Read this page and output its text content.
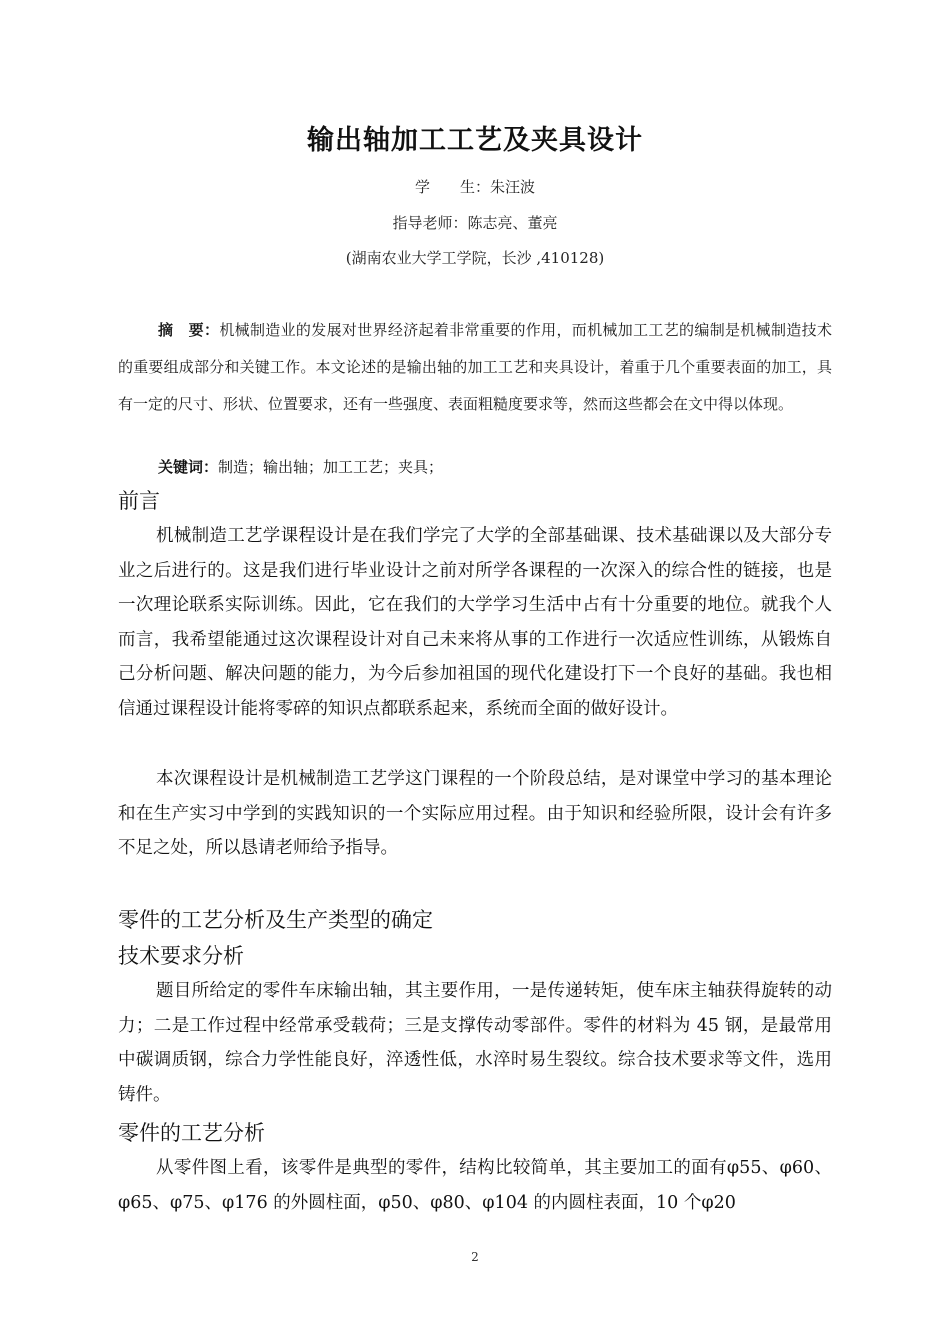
输出轴加工工艺及夹具设计
学　　生：朱汪波
指导老师：陈志亮、董亮
(湖南农业大学工学院，长沙 ,410128)
摘　要：机械制造业的发展对世界经济起着非常重要的作用，而机械加工工艺的编制是机械制造技术的重要组成部分和关键工作。本文论述的是输出轴的加工工艺和夹具设计，着重于几个重要表面的加工，具有一定的尺寸、形状、位置要求，还有一些强度、表面粗糙度要求等，然而这些都会在文中得以体现。
关键词：制造；输出轴；加工工艺；夹具；
前言
机械制造工艺学课程设计是在我们学完了大学的全部基础课、技术基础课以及大部分专业之后进行的。这是我们进行毕业设计之前对所学各课程的一次深入的综合性的链接，也是一次理论联系实际训练。因此，它在我们的大学学习生活中占有十分重要的地位。就我个人而言，我希望能通过这次课程设计对自己未来将从事的工作进行一次适应性训练，从锻炼自己分析问题、解决问题的能力，为今后参加祖国的现代化建设打下一个良好的基础。我也相信通过课程设计能将零碎的知识点都联系起来，系统而全面的做好设计。
本次课程设计是机械制造工艺学这门课程的一个阶段总结，是对课堂中学习的基本理论和在生产实习中学到的实践知识的一个实际应用过程。由于知识和经验所限，设计会有许多不足之处，所以恳请老师给予指导。
零件的工艺分析及生产类型的确定
技术要求分析
题目所给定的零件车床输出轴，其主要作用，一是传递转矩，使车床主轴获得旋转的动力；二是工作过程中经常承受载荷；三是支撑传动零部件。零件的材料为 45 钢，是最常用中碳调质钢，综合力学性能良好，淬透性低，水淬时易生裂纹。综合技术要求等文件，选用铸件。
零件的工艺分析
从零件图上看，该零件是典型的零件，结构比较简单，其主要加工的面有φ55、φ60、φ65、φ75、φ176 的外圆柱面，φ50、φ80、φ104 的内圆柱表面，10 个φ20
2
